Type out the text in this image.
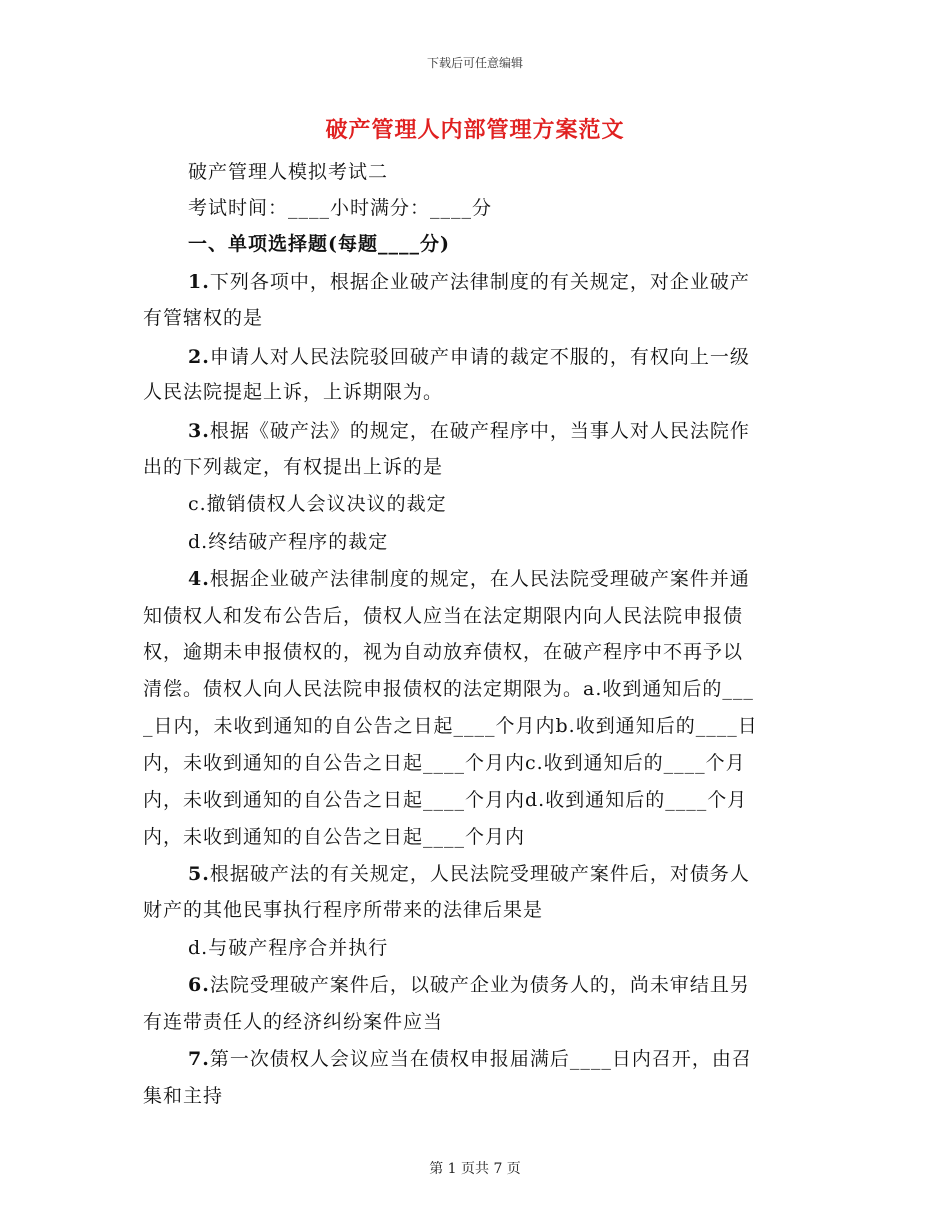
下载后可任意编辑
破产管理人内部管理方案范文
破产管理人模拟考试二
考试时间：____小时满分：____分
一、单项选择题(每题____分)
1.下列各项中，根据企业破产法律制度的有关规定，对企业破产
有管辖权的是
2.申请人对人民法院驳回破产申请的裁定不服的，有权向上一级
人民法院提起上诉，上诉期限为。
3.根据《破产法》的规定，在破产程序中，当事人对人民法院作
出的下列裁定，有权提出上诉的是
c.撤销债权人会议决议的裁定
d.终结破产程序的裁定
4.根据企业破产法律制度的规定，在人民法院受理破产案件并通
知债权人和发布公告后，债权人应当在法定期限内向人民法院申报债
权，逾期未申报债权的，视为自动放弃债权，在破产程序中不再予以
清偿。债权人向人民法院申报债权的法定期限为。a.收到通知后的___
_日内，未收到通知的自公告之日起____个月内b.收到通知后的____日
内，未收到通知的自公告之日起____个月内c.收到通知后的____个月
内，未收到通知的自公告之日起____个月内d.收到通知后的____个月
内，未收到通知的自公告之日起____个月内
5.根据破产法的有关规定，人民法院受理破产案件后，对债务人
财产的其他民事执行程序所带来的法律后果是
d.与破产程序合并执行
6.法院受理破产案件后，以破产企业为债务人的，尚未审结且另
有连带责任人的经济纠纷案件应当
7.第一次债权人会议应当在债权申报届满后____日内召开，由召
集和主持
第 1 页共 7 页
